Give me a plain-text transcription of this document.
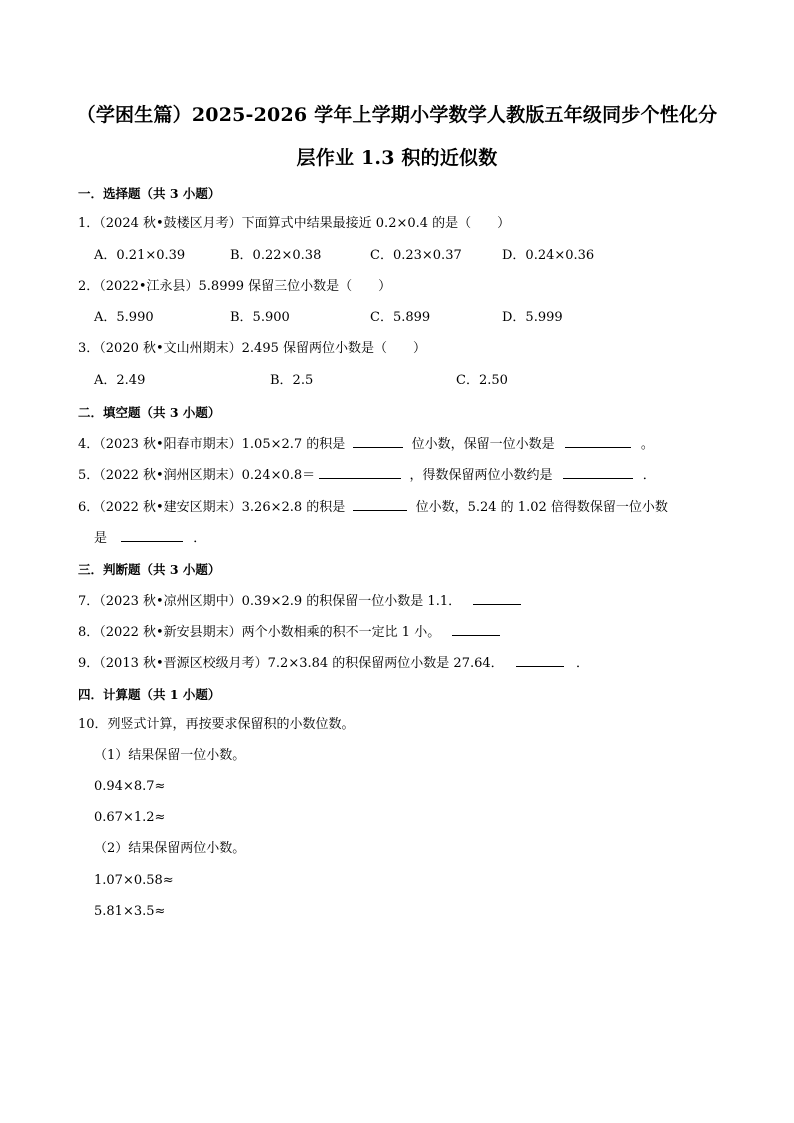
（学困生篇）2025-2026 学年上学期小学数学人教版五年级同步个性化分
层作业 1.3 积的近似数
一．选择题（共 3 小题）
1．（2024 秋•鼓楼区月考）下面算式中结果最接近 0.2×0.4 的是（　　）
A．0.21×0.39	B．0.22×0.38	C．0.23×0.37	D．0.24×0.36
2．（2022•江永县）5.8999 保留三位小数是（　　）
A．5.990	B．5.900	C．5.899	D．5.999
3．（2020 秋•文山州期末）2.495 保留两位小数是（　　）
A．2.49	B．2.5	C．2.50
二．填空题（共 3 小题）
4．（2023 秋•阳春市期末）1.05×2.7 的积是	位小数，保留一位小数是	。
5．（2022 秋•润州区期末）0.24×0.8＝	，得数保留两位小数约是	．
6．（2022 秋•建安区期末）3.26×2.8 的积是	位小数，5.24 的 1.02 倍得数保留一位小数
是	．
三．判断题（共 3 小题）
7．（2023 秋•凉州区期中）0.39×2.9 的积保留一位小数是 1.1．
8．（2022 秋•新安县期末）两个小数相乘的积不一定比 1 小。
9．（2013 秋•晋源区校级月考）7.2×3.84 的积保留两位小数是 27.64．	．
四．计算题（共 1 小题）
10．列竖式计算，再按要求保留积的小数位数。
（1）结果保留一位小数。
0.94×8.7≈
0.67×1.2≈
（2）结果保留两位小数。
1.07×0.58≈
5.81×3.5≈
